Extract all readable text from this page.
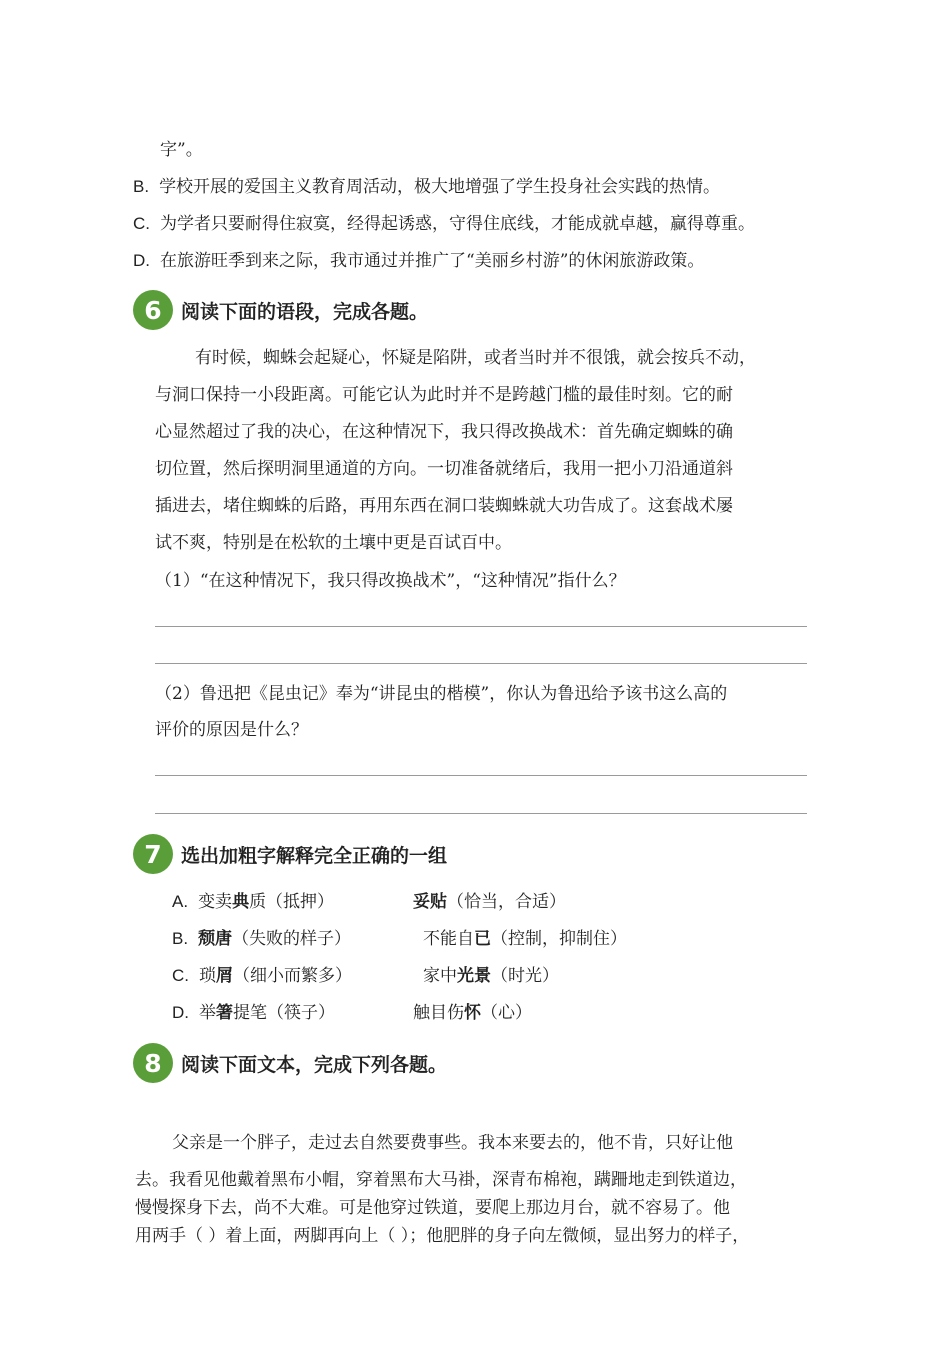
字”。
B. 学校开展的爱国主义教育周活动，极大地增强了学生投身社会实践的热情。
C. 为学者只要耐得住寂寞，经得起诱惑，守得住底线，才能成就卓越，赢得尊重。
D. 在旅游旺季到来之际，我市通过并推广了“美丽乡村游”的休闲旅游政策。
6	阅读下面的语段，完成各题。
有时候，蜘蛛会起疑心，怀疑是陷阱，或者当时并不很饿，就会按兵不动，
与洞口保持一小段距离。可能它认为此时并不是跨越门槛的最佳时刻。它的耐
心显然超过了我的决心，在这种情况下，我只得改换战术：首先确定蜘蛛的确
切位置，然后探明洞里通道的方向。一切准备就绪后，我用一把小刀沿通道斜
插进去，堵住蜘蛛的后路，再用东西在洞口装蜘蛛就大功告成了。这套战术屡
试不爽，特别是在松软的土壤中更是百试百中。
（1）“在这种情况下，我只得改换战术”，“这种情况”指什么？
（2）鲁迅把《昆虫记》奉为“讲昆虫的楷模”，你认为鲁迅给予该书这么高的
评价的原因是什么？
7	选出加粗字解释完全正确的一组
A. 变卖典质（抵押）	妥贴（恰当，合适）
B. 颓唐（失败的样子）	不能自已（控制，抑制住）
C. 琐屑（细小而繁多）	家中光景（时光）
D. 举箸提笔（筷子）	触目伤怀（心）
8	阅读下面文本，完成下列各题。
父亲是一个胖子，走过去自然要费事些。我本来要去的，他不肯，只好让他
去。我看见他戴着黑布小帽，穿着黑布大马褂，深青布棉袍，蹒跚地走到铁道边，
慢慢探身下去，尚不大难。可是他穿过铁道，要爬上那边月台，就不容易了。他
用两手（ ）着上面，两脚再向上（ ）；他肥胖的身子向左微倾，显出努力的样子，
